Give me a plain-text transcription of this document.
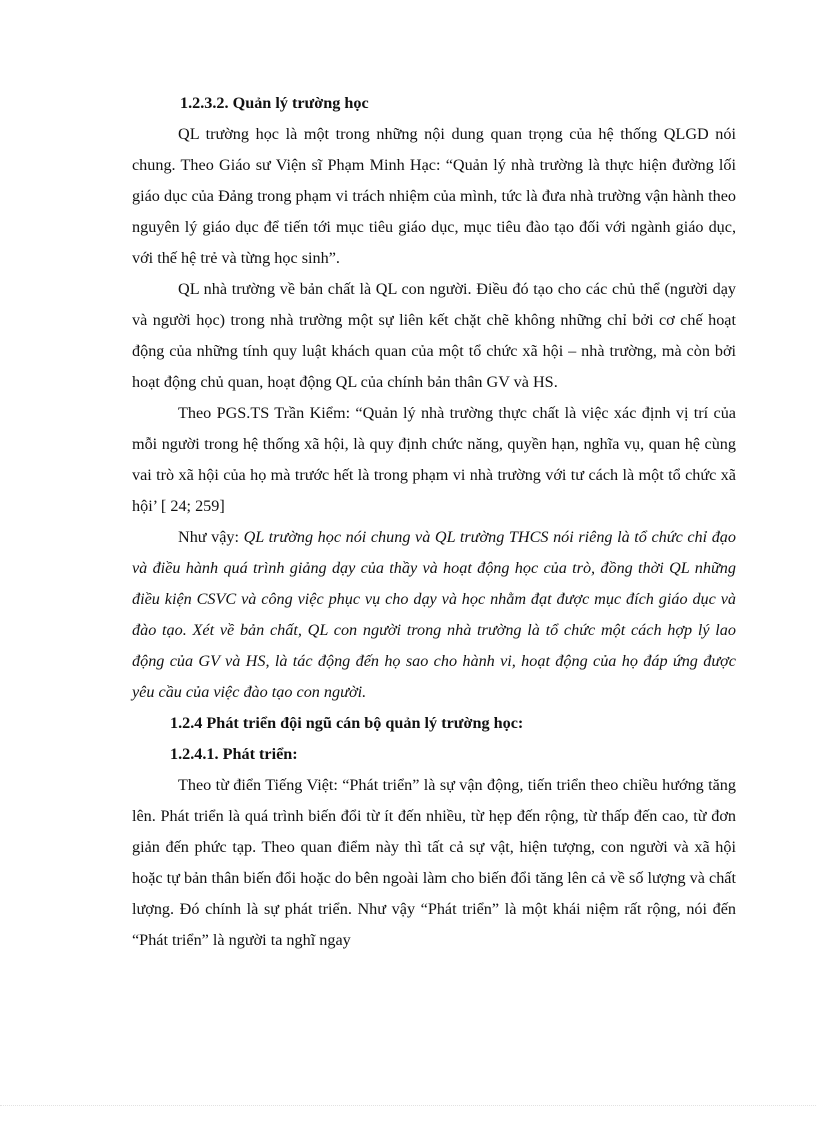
1.2.3.2. Quản lý trường học

QL trường học là một trong những nội dung quan trọng của hệ thống QLGD nói chung. Theo Giáo sư Viện sĩ Phạm Minh Hạc: “Quản lý nhà trường là thực hiện đường lối giáo dục của Đảng trong phạm vi trách nhiệm của mình, tức là đưa nhà trường vận hành theo nguyên lý giáo dục để tiến tới mục tiêu giáo dục, mục tiêu đào tạo đối với ngành giáo dục, với thế hệ trẻ và từng học sinh”.

QL nhà trường về bản chất là QL con người. Điều đó tạo cho các chủ thể (người dạy và người học) trong nhà trường một sự liên kết chặt chẽ không những chỉ bởi cơ chế hoạt động của những tính quy luật khách quan của một tổ chức xã hội – nhà trường, mà còn bởi hoạt động chủ quan, hoạt động QL của chính bản thân GV và HS.

Theo PGS.TS Trần Kiểm: “Quản lý nhà trường thực chất là việc xác định vị trí của mỗi người trong hệ thống xã hội, là quy định chức năng, quyền hạn, nghĩa vụ, quan hệ cùng vai trò xã hội của họ mà trước hết là trong phạm vi nhà trường với tư cách là một tổ chức xã hội’ [ 24; 259]

Như vậy: QL trường học nói chung và QL trường THCS nói riêng là tổ chức chỉ đạo và điều hành quá trình giảng dạy của thầy và hoạt động học của trò, đồng thời QL những điều kiện CSVC và công việc phục vụ cho dạy và học nhằm đạt được mục đích giáo dục và đào tạo. Xét về bản chất, QL con người trong nhà trường là tổ chức một cách hợp lý lao động của GV và HS, là tác động đến họ sao cho hành vi, hoạt động của họ đáp ứng được yêu cầu của việc đào tạo con người.

1.2.4 Phát triển đội ngũ cán bộ quản lý trường học:

1.2.4.1. Phát triển:

Theo từ điển Tiếng Việt: “Phát triển” là sự vận động, tiến triển theo chiều hướng tăng lên. Phát triển là quá trình biến đổi từ ít đến nhiều, từ hẹp đến rộng, từ thấp đến cao, từ đơn giản đến phức tạp. Theo quan điểm này thì tất cả sự vật, hiện tượng, con người và xã hội hoặc tự bản thân biến đổi hoặc do bên ngoài làm cho biến đổi tăng lên cả về số lượng và chất lượng. Đó chính là sự phát triển. Như vậy “Phát triển” là một khái niệm rất rộng, nói đến “Phát triển” là người ta nghĩ ngay
